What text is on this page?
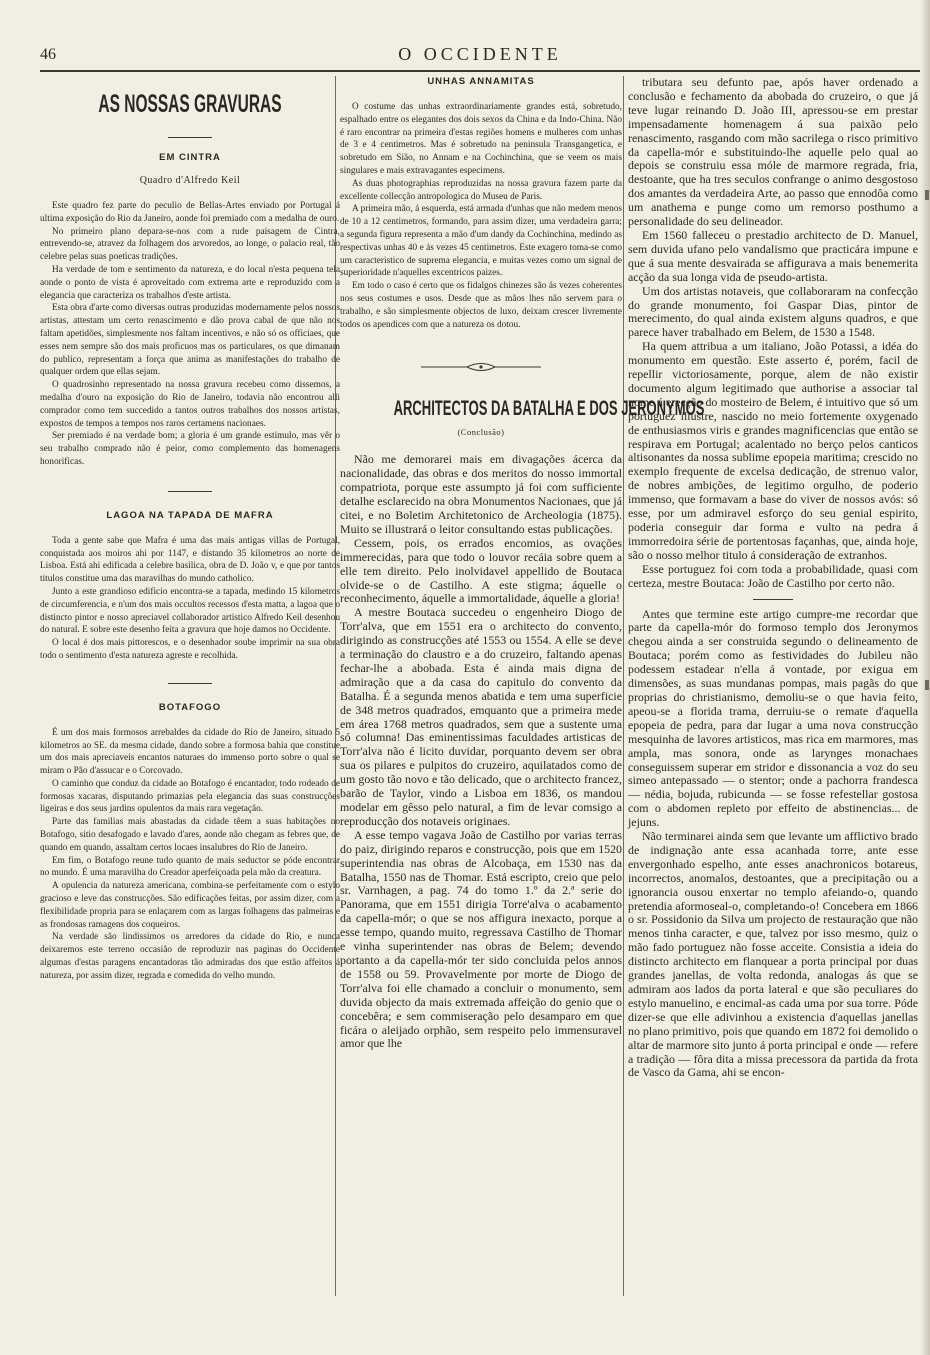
46	O OCCIDENTE
AS NOSSAS GRAVURAS
EM CINTRA
Quadro d'Alfredo Keil

Este quadro fez parte do peculio de Bellas-Artes enviado por Portugal á ultima exposição do Rio da Janeiro, aonde foi premiado com a medalha de ouro.

No primeiro plano depara-se-nos com a rude paisagem de Cintra, entrevendo-se, atravez da folhagem dos arvoredos, ao longe, o palacio real, tão celebre pelas suas poeticas tradições.

Ha verdade de tom e sentimento da natureza, e do local n'esta pequena tela aonde o ponto de vista é aproveitado com extrema arte e reproduzido com a elegancia que caracteriza os trabalhos d'este artista.

Esta obra d'arte como diversas outras produzidas modernamente pelos nossos artistas, attestam um certo renascimento e dão prova cabal de que não nos faltam apetidões, simplesmente nos faltam incentivos, e não só os officiaes, que esses nem sempre são dos mais proficuos mas os particulares, os que dimanam do publico, representam a força que anima as manifestações do trabalho de qualquer ordem que ellas sejam.

O quadrosinho representado na nossa gravura recebeu como dissemos, a medalha d'ouro na exposição do Rio de Janeiro, todavia não encontrou alli comprador como tem succedido a tantos outros trabalhos dos nossos artistas, expostos de tempos a tempos nos raros certamens nacionaes.

Ser premiado é na verdade bom; a gloria é um grande estimulo, mas vêr o seu trabalho comprado não é peior, como complemento das homenagens honorificas.

LAGOA NA TAPADA DE MAFRA

Toda a gente sabe que Mafra é uma das mais antigas villas de Portugal, conquistada aos moiros ahi por 1147, e distando 35 kilometros ao norte de Lisboa. Está ahi edificada a celebre basilica, obra de D. João v, e que por tantos titulos constitue uma das maravilhas do mundo catholico.

Junto a este grandioso edificio encontra-se a tapada, medindo 15 kilometros de circumferencia, e n'um dos mais occultos recessos d'esta matta, a lagoa que o distincto pintor e nosso apreciavel collaborador artistico Alfredo Keil desenhou do natural. E sobre este desenho feita a gravura que hoje damos no Occidente.

O local é dos mais pittorescos, e o desenhador soube imprimir na sua obra todo o sentimento d'esta natureza agreste e recolhida.

BOTAFOGO

É um dos mais formosos arrebaldes da cidade do Rio de Janeiro, situado 5 kilometros ao SE. da mesma cidade, dando sobre a formosa bahia que constitue um dos mais apreciaveis encantos naturaes do immenso porto sobre o qual se miram o Pão d'assucar e o Corcovado.

O caminho que conduz da cidade ao Botafogo é encantador, todo rodeado de formosas xacaras, disputando primazias pela elegancia das suas construcções ligeiras e dos seus jardins opulentos da mais rara vegetação.

Parte das familias mais abastadas da cidade têem a suas habitações no Botafogo, sitio desafogado e lavado d'ares, aonde não chegam as febres que, de quando em quando, assaltam certos locaes insalubres do Rio de Janeiro.

Em fim, o Botafogo reune tudo quanto de mais seductor se póde encontrar no mundo. É uma maravilha do Creador aperfeiçoada pela mão da creatura.

A opulencia da natureza americana, combina-se perfeitamente com o estylo gracioso e leve das construcções. São edificações feitas, por assim dizer, com a flexibilidade propria para se enlaçarem com as largas folhagens das palmeiras e as frondosas ramagens dos coqueiros.

Na verdade são lindissimos os arredores da cidade do Rio, e nunca deixaremos este terreno occasião de reproduzir nas paginas do Occidente algumas d'estas paragens encantadoras tão admiradas dos que estão affeitos á natureza, por assim dizer, regrada e comedida do velho mundo.

UNHAS ANNAMITAS

O costume das unhas extraordinariamente grandes está, sobretudo, espalhado entre os elegantes dos dois sexos da China e da Indo-China. Não é raro encontrar na primeira d'estas regiões homens e mulheres com unhas de 3 e 4 centimetros. Mas é sobretudo na peninsula Transgangetica, e sobretudo em Sião, no Annam e na Cochinchina, que se veem os mais singulares e mais extravagantes especimens.

As duas photographias reproduzidas na nossa gravura fazem parte da excellente collecção antropologica do Museu de Paris.

A primeira mão, á esquerda, está armada d'unhas que não medem menos de 10 a 12 centimetros, formando, para assim dizer, uma verdadeira garra; a segunda figura representa a mão d'um dandy da Cochinchina, medindo as respectivas unhas 40 e ás vezes 45 centimetros. Este exagero toma-se como um caracteristico de suprema elegancia, e muitas vezes como um signal de superioridade n'aquelles excentricos paizes.

Em todo o caso é certo que os fidalgos chinezes são ás vezes coherentes nos seus costumes e usos. Desde que as mãos lhes não servem para o trabalho, e são simplesmente objectos de luxo, deixam crescer livremente todos os apendices com que a natureza os dotou.

ARCHITECTOS DA BATALHA E DOS JERONYMOS
(Conclusão)

Não me demorarei mais em divagações ácerca da nacionalidade, das obras e dos meritos do nosso immortal compatriota, porque este assumpto já foi com sufficiente detalhe esclarecido na obra Monumentos Nacionaes, que já citei, e no Boletim Architetonico de Archeologia (1875). Muito se illustrará o leitor consultando estas publicações.

Cessem, pois, os errados encomios, as ovações immerecidas, para que todo o louvor recáia sobre quem a elle tem direito. Pelo inolvidavel appellido de Boutaca olvide-se o de Castilho. A este stigma; áquelle o reconhecimento, áquelle a immortalidade, áquelle a gloria!

A mestre Boutaca succedeu o engenheiro Diogo de Torr'alva, que em 1551 era o architecto do convento, dirigindo as construcções até 1553 ou 1554. A elle se deve a terminação do claustro e a do cruzeiro, faltando apenas fechar-lhe a abobada. Esta é ainda mais digna de admiração que a da casa do capitulo do convento da Batalha. É a segunda menos abatida e tem uma superficie de 348 metros quadrados, emquanto que a primeira mede em área 1768 metros quadrados, sem que a sustente uma só columna! Das eminentissimas faculdades artisticas de Torr'alva não é licito duvidar, porquanto devem ser obra sua os pilares e pulpitos do cruzeiro, aquilatados como de um gosto tão novo e tão delicado, que o architecto francez, barão de Taylor, vindo a Lisboa em 1836, os mandou modelar em gêsso pelo natural, a fim de levar comsigo a reproducção dos notaveis originaes.

A esse tempo vagava João de Castilho por varias terras do paiz, dirigindo reparos e construcção, pois que em 1520 superintendia nas obras de Alcobaça, em 1530 nas da Batalha, 1550 nas de Thomar. Está escripto, creio que pelo sr. Varnhagen, a pag. 74 do tomo 1.º da 2.ª serie do Panorama, que em 1551 dirigia Torre'alva o acabamento da capella-mór; o que se nos affigura inexacto, porque a esse tempo, quando muito, regressava Castilho de Thomar e vinha superintender nas obras de Belem; devendo portanto a da capella-mór ter sido concluida pelos annos de 1558 ou 59. Provavelmente por morte de Diogo de Torr'alva foi elle chamado a concluir o monumento, sem duvida objecto da mais extremada affeição do genio que o concebêra; e sem commiseração pelo desamparo em que ficára o aleijado orphão, sem respeito pelo immensuravel amor que lhe

tributara seu defunto pae, após haver ordenado a conclusão e fechamento da abobada do cruzeiro, o que já teve lugar reinando D. João III, apressou-se em prestar impensadamente homenagem á sua paixão pelo renascimento, rasgando com mão sacrilega o risco primitivo da capella-mór e substituindo-lhe aquelle pelo qual ao depois se construiu essa móle de marmore regrada, fria, destoante, que ha tres seculos confrange o animo desgostoso dos amantes da verdadeira Arte, ao passo que ennodôa como um anathema e punge como um remorso posthumo a personalidade do seu delineador.

Em 1560 falleceu o prestadio architecto de D. Manuel, sem duvida ufano pelo vandalismo que practicára impune e que á sua mente desvairada se affigurava a mais benemerita acção da sua longa vida de pseudo-artista.

Um dos artistas notaveis, que collaboraram na confecção do grande monumento, foi Gaspar Dias, pintor de merecimento, do qual ainda existem alguns quadros, e que parece haver trabalhado em Belem, de 1530 a 1548.

Ha quem attribua a um italiano, João Potassi, a idéa do monumento em questão. Este asserto é, porém, facil de repellir victoriosamente, porque, alem de não existir documento algum legitimado que authorise a associar tal nome á erecção do mosteiro de Belem, é intuitivo que só um portuguez illustre, nascido no meio fortemente oxygenado de enthusiasmos viris e grandes magnificencias que então se respirava em Portugal; acalentado no berço pelos canticos altisonantes da nossa sublime epopeia maritima; crescido no exemplo frequente de excelsa dedicação, de strenuo valor, de nobres ambições, de legitimo orgulho, de poderio immenso, que formavam a base do viver de nossos avós: só esse, por um admiravel esforço do seu genial espirito, poderia conseguir dar forma e vulto na pedra á immorredoira série de portentosas façanhas, que, ainda hoje, são o nosso melhor titulo á consideração de extranhos.

Esse portuguez foi com toda a probabilidade, quasi com certeza, mestre Boutaca: João de Castilho por certo não.

Antes que termine este artigo cumpre-me recordar que parte da capella-mór do formoso templo dos Jeronymos chegou ainda a ser construida segundo o delineamento de Boutaca; porém como as festividades do Jubileu não podessem estadear n'ella á vontade, por exigua em dimensões, as suas mundanas pompas, mais pagãs do que proprias do christianismo, demoliu-se o que havia feito, apeou-se a florida trama, derruiu-se o remate d'aquella epopeia de pedra, para dar lugar a uma nova construcção mesquinha de lavores artisticos, mas rica em marmores, mas ampla, mas sonora, onde as larynges monachaes conseguissem superar em stridor e dissonancia a voz do seu simeo antepassado — o stentor; onde a pachorra frandesca — nédia, bojuda, rubicunda — se fosse refestellar gostosa com o abdomen repleto por effeito de abstinencias... de jejuns.

Não terminarei ainda sem que levante um afflictivo brado de indignação ante essa acanhada torre, ante esse envergonhado espelho, ante esses anachronicos botareus, incorrectos, anomalos, destoantes, que a precipitação ou a ignorancia ousou enxertar no templo afeiando-o, quando pretendia aformoseal-o, completando-o! Concebera em 1866 o sr. Possidonio da Silva um projecto de restauração que não menos tinha caracter, e que, talvez por isso mesmo, quiz o mão fado portuguez não fosse acceite. Consistia a ideia do distincto architecto em flanquear a porta principal por duas grandes janellas, de volta redonda, analogas ás que se admiram aos lados da porta lateral e que são peculiares do estylo manuelino, e encimal-as cada uma por sua torre. Póde dizer-se que elle adivinhou a existencia d'aquellas janellas no plano primitivo, pois que quando em 1872 foi demolido o altar de marmore sito junto á porta principal e onde — refere a tradição — fôra dita a missa precessora da partida da frota de Vasco da Gama, ahi se encon-
